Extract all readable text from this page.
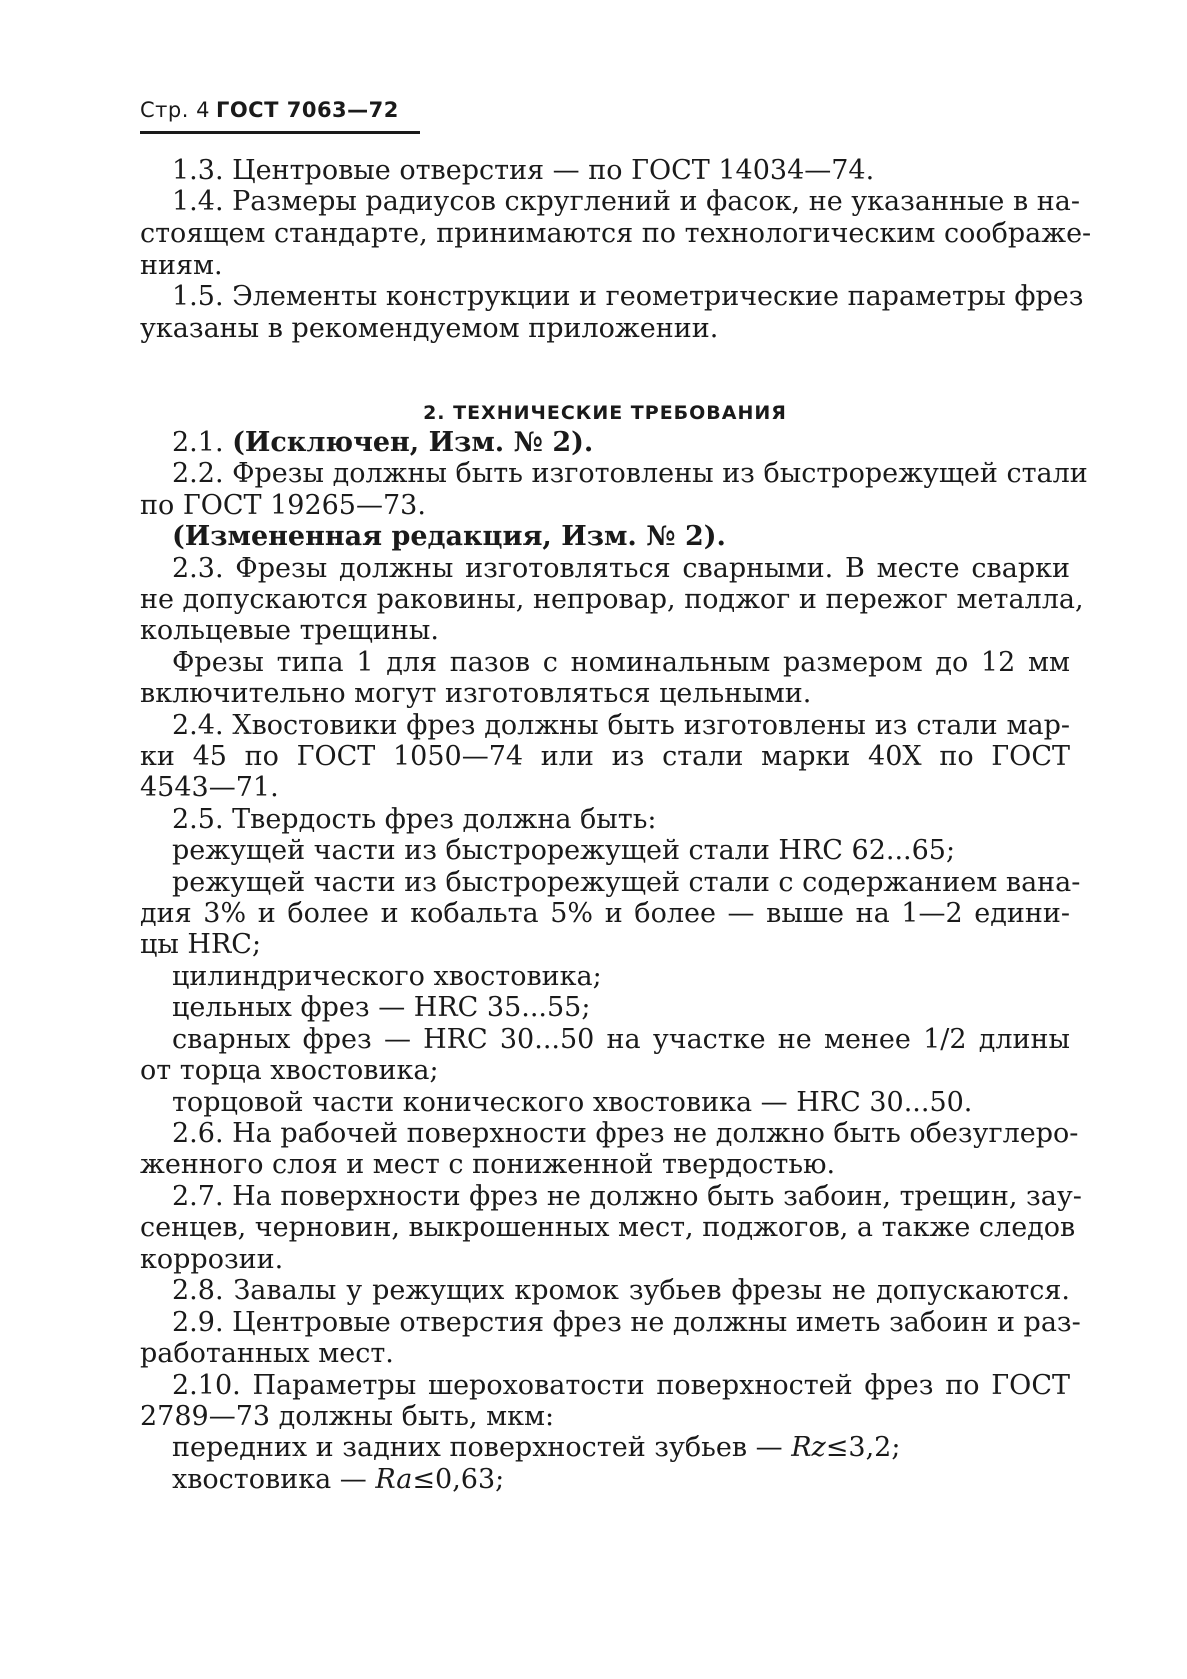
Стр. 4 ГОСТ 7063—72
1.3. Центровые отверстия — по ГОСТ 14034—74.
1.4. Размеры радиусов скруглений и фасок, не указанные в на-
стоящем стандарте, принимаются по технологическим соображе-
ниям.
1.5. Элементы конструкции и геометрические параметры фрез
указаны в рекомендуемом приложении.
2. ТЕХНИЧЕСКИЕ ТРЕБОВАНИЯ
2.1. (Исключен, Изм. № 2).
2.2. Фрезы должны быть изготовлены из быстрорежущей стали
по ГОСТ 19265—73.
(Измененная редакция, Изм. № 2).
2.3. Фрезы должны изготовляться сварными. В месте сварки
не допускаются раковины, непровар, поджог и пережог металла,
кольцевые трещины.
Фрезы типа 1 для пазов с номинальным размером до 12 мм
включительно могут изготовляться цельными.
2.4. Хвостовики фрез должны быть изготовлены из стали мар-
ки 45 по ГОСТ 1050—74 или из стали марки 40Х по ГОСТ
4543—71.
2.5. Твердость фрез должна быть:
режущей части из быстрорежущей стали HRC 62...65;
режущей части из быстрорежущей стали с содержанием вана-
дия 3% и более и кобальта 5% и более — выше на 1—2 едини-
цы HRC;
цилиндрического хвостовика;
цельных фрез — HRC 35...55;
сварных фрез — HRC 30...50 на участке не менее 1/2 длины
от торца хвостовика;
торцовой части конического хвостовика — HRC 30...50.
2.6. На рабочей поверхности фрез не должно быть обезуглеро-
женного слоя и мест с пониженной твердостью.
2.7. На поверхности фрез не должно быть забоин, трещин, зау-
сенцев, черновин, выкрошенных мест, поджогов, а также следов
коррозии.
2.8. Завалы у режущих кромок зубьев фрезы не допускаются.
2.9. Центровые отверстия фрез не должны иметь забоин и раз-
работанных мест.
2.10. Параметры шероховатости поверхностей фрез по ГОСТ
2789—73 должны быть, мкм:
передних и задних поверхностей зубьев — Rz≤3,2;
хвостовика — Ra≤0,63;
